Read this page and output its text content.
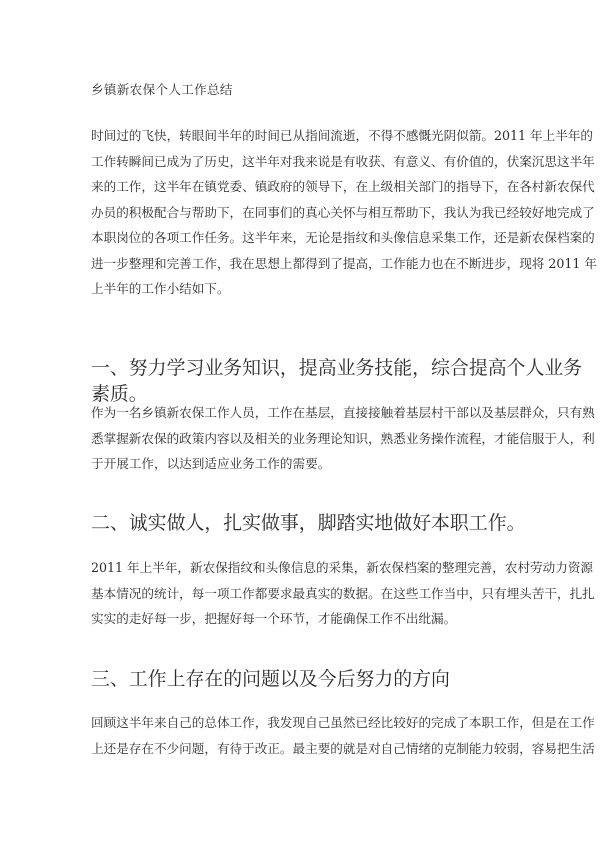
乡镇新农保个人工作总结
时间过的飞快，转眼间半年的时间已从指间流逝，不得不感慨光阴似箭。2011 年上半年的
工作转瞬间已成为了历史，这半年对我来说是有收获、有意义、有价值的，伏案沉思这半年
来的工作，这半年在镇党委、镇政府的领导下，在上级相关部门的指导下，在各村新农保代
办员的积极配合与帮助下，在同事们的真心关怀与相互帮助下，我认为我已经较好地完成了
本职岗位的各项工作任务。这半年来，无论是指纹和头像信息采集工作，还是新农保档案的
进一步整理和完善工作，我在思想上都得到了提高，工作能力也在不断进步，现将 2011 年
上半年的工作小结如下。
一、努力学习业务知识，提高业务技能，综合提高个人业务素质。
作为一名乡镇新农保工作人员，工作在基层，直接接触着基层村干部以及基层群众，只有熟
悉掌握新农保的政策内容以及相关的业务理论知识，熟悉业务操作流程，才能信服于人，利
于开展工作，以达到适应业务工作的需要。
二、诚实做人，扎实做事，脚踏实地做好本职工作。
2011 年上半年，新农保指纹和头像信息的采集，新农保档案的整理完善，农村劳动力资源
基本情况的统计，每一项工作都要求最真实的数据。在这些工作当中，只有埋头苦干，扎扎
实实的走好每一步，把握好每一个环节，才能确保工作不出纰漏。
三、工作上存在的问题以及今后努力的方向
回顾这半年来自己的总体工作，我发现自己虽然已经比较好的完成了本职工作，但是在工作
上还是存在不少问题，有待于改正。最主要的就是对自己情绪的克制能力较弱，容易把生活
